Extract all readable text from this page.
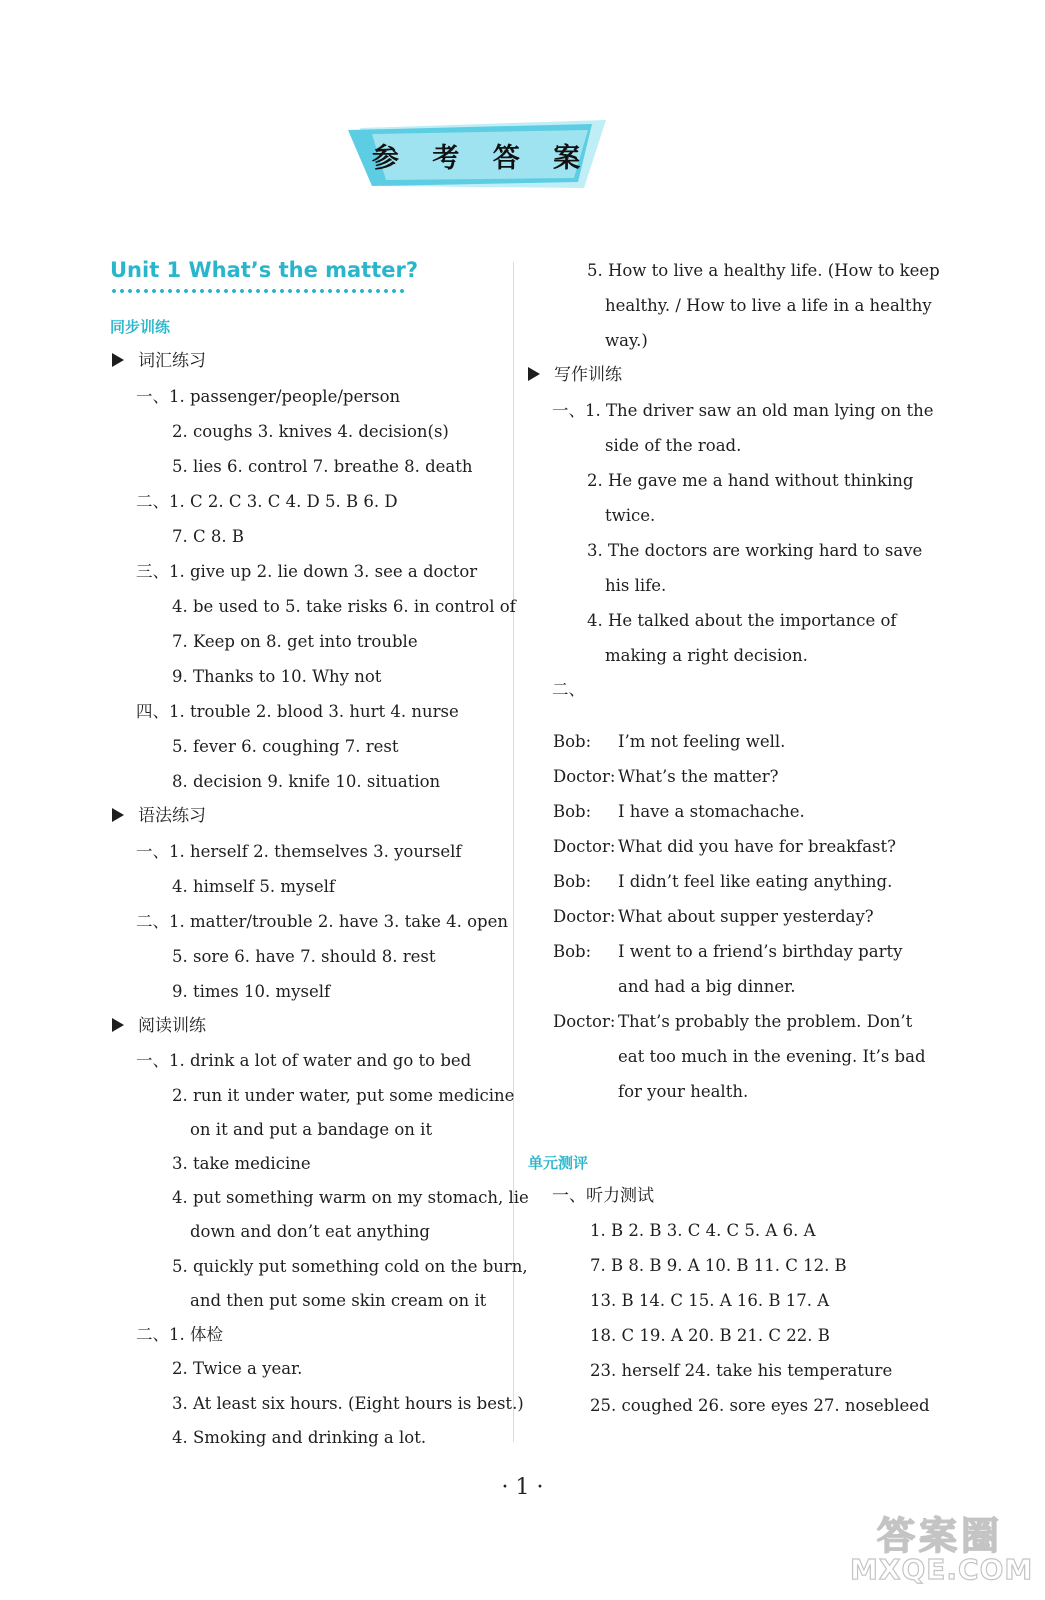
参 考 答 案
Unit 1 What’s the matter?
同步训练
词汇练习
一、1. passenger/people/person
2. coughs 3. knives 4. decision(s)
5. lies 6. control 7. breathe 8. death
二、1. C 2. C 3. C 4. D 5. B 6. D
7. C 8. B
三、1. give up 2. lie down 3. see a doctor
4. be used to 5. take risks 6. in control of
7. Keep on 8. get into trouble
9. Thanks to 10. Why not
四、1. trouble 2. blood 3. hurt 4. nurse
5. fever 6. coughing 7. rest
8. decision 9. knife 10. situation
语法练习
一、1. herself 2. themselves 3. yourself
4. himself 5. myself
二、1. matter/trouble 2. have 3. take 4. open
5. sore 6. have 7. should 8. rest
9. times 10. myself
阅读训练
一、1. drink a lot of water and go to bed
2. run it under water, put some medicine
on it and put a bandage on it
3. take medicine
4. put something warm on my stomach, lie
down and don’t eat anything
5. quickly put something cold on the burn,
and then put some skin cream on it
二、1. 体检
2. Twice a year.
3. At least six hours. (Eight hours is best.)
4. Smoking and drinking a lot.
5. How to live a healthy life. (How to keep
healthy. / How to live a life in a healthy
way.)
写作训练
一、1. The driver saw an old man lying on the
side of the road.
2. He gave me a hand without thinking
twice.
3. The doctors are working hard to save
his life.
4. He talked about the importance of
making a right decision.
二、
Bob: I’m not feeling well.
Doctor: What’s the matter?
Bob: I have a stomachache.
Doctor: What did you have for breakfast?
Bob: I didn’t feel like eating anything.
Doctor: What about supper yesterday?
Bob: I went to a friend’s birthday party
and had a big dinner.
Doctor: That’s probably the problem. Don’t
eat too much in the evening. It’s bad
for your health.
单元测评
一、听力测试
1. B 2. B 3. C 4. C 5. A 6. A
7. B 8. B 9. A 10. B 11. C 12. B
13. B 14. C 15. A 16. B 17. A
18. C 19. A 20. B 21. C 22. B
23. herself 24. take his temperature
25. coughed 26. sore eyes 27. nosebleed
· 1 ·
答案圈
MXQE.COM
